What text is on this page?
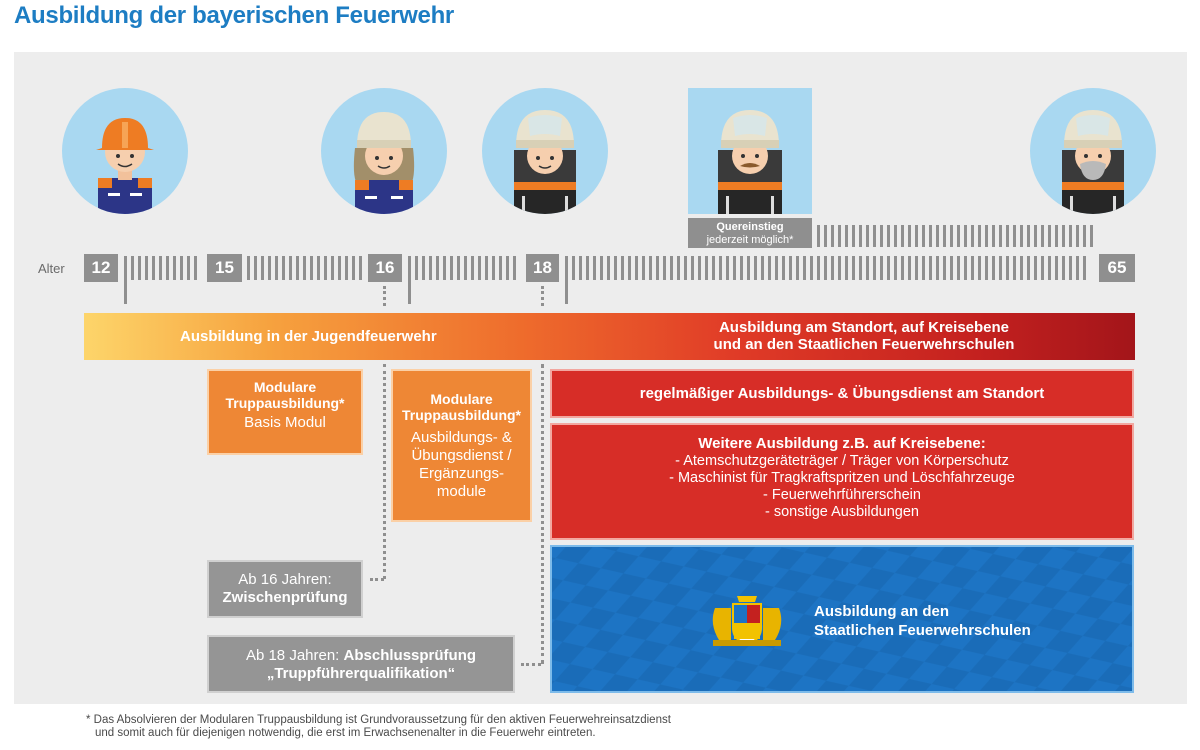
Ausbildung der bayerischen Feuerwehr
Quereinstieg
jederzeit möglich*
Alter	12	15	16	18	65
Ausbildung in der Jugendfeuerwehr
Ausbildung am Standort, auf Kreisebene
und an den Staatlichen Feuerwehrschulen
Modulare
Truppausbildung*
Basis Modul
Modulare
Truppausbildung*
Ausbildungs- &
Übungsdienst /
Ergänzungs-
module
regelmäßiger Ausbildungs- & Übungsdienst am Standort
Weitere Ausbildung z.B. auf Kreisebene:
- Atemschutzgeräteträger / Träger von Körperschutz
- Maschinist für Tragkraftspritzen und Löschfahrzeuge
- Feuerwehrführerschein
- sonstige Ausbildungen
Ausbildung an den
Staatlichen Feuerwehrschulen
Ab 16 Jahren:
Zwischenprüfung
Ab 18 Jahren: Abschlussprüfung
„Truppführerqualifikation“
* Das Absolvieren der Modularen Truppausbildung ist Grundvoraussetzung für den aktiven Feuerwehreinsatzdienst
und somit auch für diejenigen notwendig, die erst im Erwachsenenalter in die Feuerwehr eintreten.
